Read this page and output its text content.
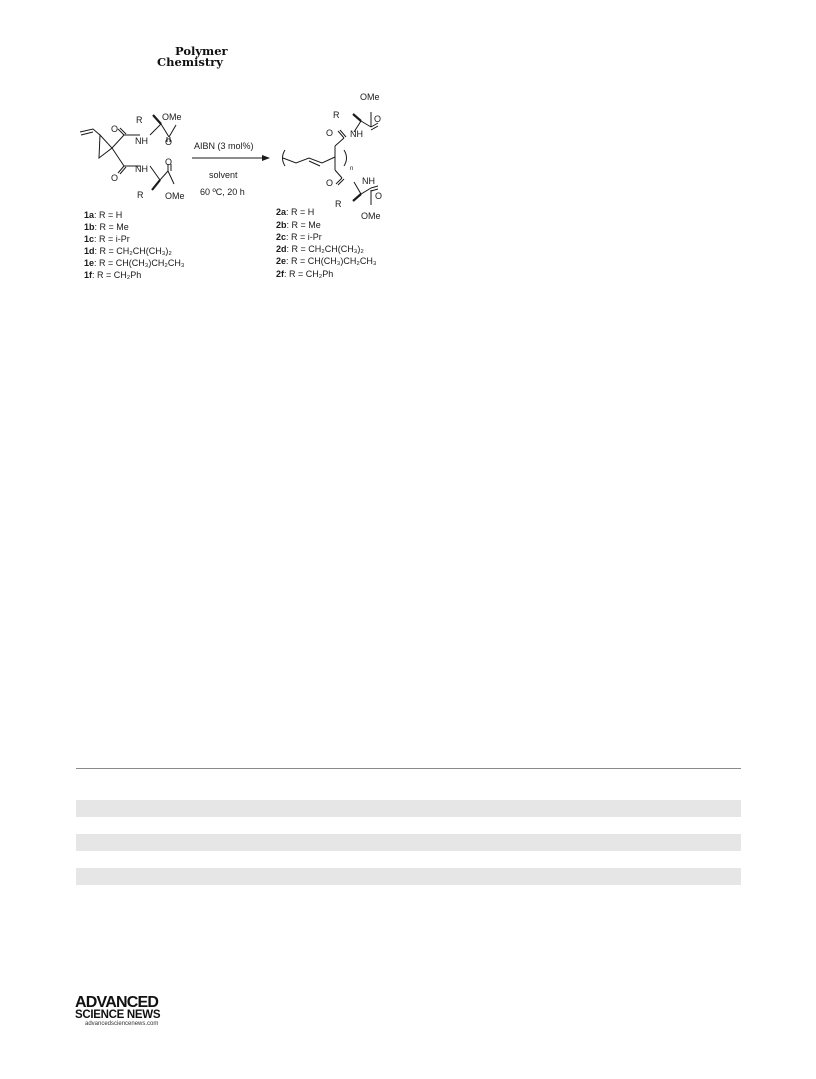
Polymer
Chemistry
R OMe
O
NH O
NH
O
O
R OMe
AIBN (3 mol%)
solvent
60 ºC, 20 h
OMe
R	O
O NH
n
O	NH
O
R
OMe
1a: R = H
1b: R = Me
1c: R = i-Pr
1d: R = CH₂CH(CH₃)₂
1e: R = CH(CH₃)CH₂CH₃
1f: R = CH₂Ph
2a: R = H
2b: R = Me
2c: R = i-Pr
2d: R = CH₂CH(CH₃)₂
2e: R = CH(CH₃)CH₂CH₃
2f: R = CH₂Ph
ADVANCED
SCIENCE NEWS
advancedsciencenews.com
